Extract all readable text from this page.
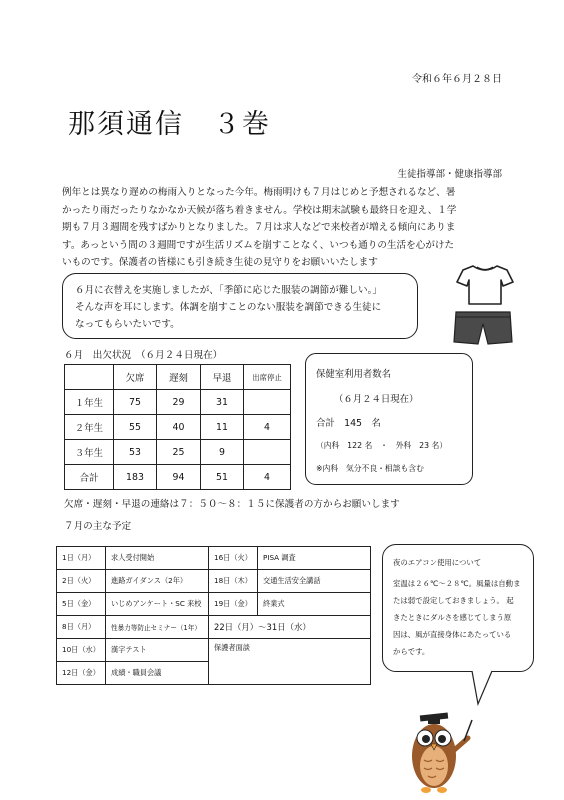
令和６年６月２８日
那須通信　３巻
生徒指導部・健康指導部
例年とは異なり遅めの梅雨入りとなった今年。梅雨明けも７月はじめと予想されるなど、暑
かったり雨だったりなかなか天候が落ち着きません。学校は期末試験も最終日を迎え、１学
期も７月３週間を残すばかりとなりました。７月は求人などで来校者が増える傾向にありま
す。あっという間の３週間ですが生活リズムを崩すことなく、いつも通りの生活を心がけた
いものです。保護者の皆様にも引き続き生徒の見守りをお願いいたします
６月に衣替えを実施しましたが、「季節に応じた服装の調節が難しい。」
そんな声を耳にします。体調を崩すことのない服装を調節できる生徒に
なってもらいたいです。
６月　出欠状況　（６月２４日現在）
	欠席	遅刻	早退	出席停止
１年生	75	29	31	
２年生	55	40	11	4
３年生	53	25	9	
合計	183	94	51	4
保健室利用者数名
（６月２４日現在）
合計　145　名
（内科　122 名　・　外科　23 名）
※内科　気分不良・相談も含む
欠席・遅刻・早退の連絡は７：５０～８：１５に保護者の方からお願いします
７月の主な予定
1日（月）	求人受付開始	16日（火）	PISA 調査
2日（火）	進路ガイダンス（2年）	18日（木）	交通生活安全講話
5日（金）	いじめアンケート・SC 来校	19日（金）	終業式
8日（月）	性暴力等防止セミナー（1年）	22日（月）～31日（水）	
10日（水）	漢字テスト	保護者面談	
12日（金）	成績・職員会議		
夜のエアコン使用について
室温は２６℃～２８℃。風量は自動ま
たは弱で設定しておきましょう。 起
きたときにダルさを感じてしまう原
因は、風が直接身体にあたっている
からです。
